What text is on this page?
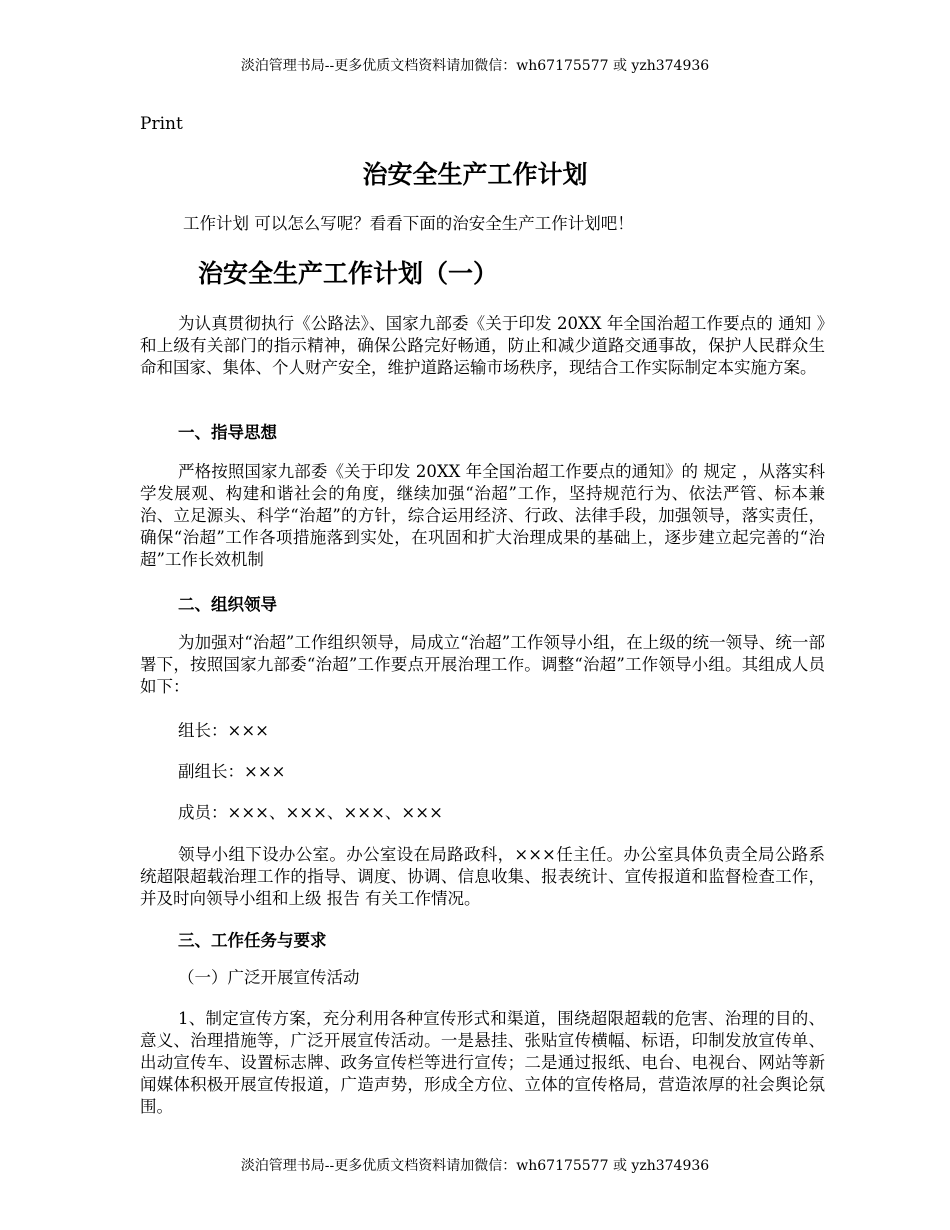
淡泊管理书局--更多优质文档资料请加微信：wh67175577 或 yzh374936
Print
治安全生产工作计划
工作计划 可以怎么写呢？看看下面的治安全生产工作计划吧！
治安全生产工作计划（一）

为认真贯彻执行《公路法》、国家九部委《关于印发 20XX 年全国治超工作要点的 通知 》和上级有关部门的指示精神，确保公路完好畅通，防止和减少道路交通事故，保护人民群众生命和国家、集体、个人财产安全，维护道路运输市场秩序，现结合工作实际制定本实施方案。

一、指导思想

严格按照国家九部委《关于印发 20XX 年全国治超工作要点的通知》的 规定 ，从落实科学发展观、构建和谐社会的角度，继续加强“治超”工作，坚持规范行为、依法严管、标本兼治、立足源头、科学“治超”的方针，综合运用经济、行政、法律手段，加强领导，落实责任，确保“治超”工作各项措施落到实处，在巩固和扩大治理成果的基础上，逐步建立起完善的“治超”工作长效机制

二、组织领导

为加强对“治超”工作组织领导，局成立“治超”工作领导小组，在上级的统一领导、统一部署下，按照国家九部委“治超”工作要点开展治理工作。调整“治超”工作领导小组。其组成人员如下：

组长：×××
副组长：×××
成员：×××、×××、×××、×××

领导小组下设办公室。办公室设在局路政科，×××任主任。办公室具体负责全局公路系统超限超载治理工作的指导、调度、协调、信息收集、报表统计、宣传报道和监督检查工作，并及时向领导小组和上级 报告 有关工作情况。

三、工作任务与要求
（一）广泛开展宣传活动

1、制定宣传方案，充分利用各种宣传形式和渠道，围绕超限超载的危害、治理的目的、意义、治理措施等，广泛开展宣传活动。一是悬挂、张贴宣传横幅、标语，印制发放宣传单、出动宣传车、设置标志牌、政务宣传栏等进行宣传；二是通过报纸、电台、电视台、网站等新闻媒体积极开展宣传报道，广造声势，形成全方位、立体的宣传格局，营造浓厚的社会舆论氛围。

淡泊管理书局--更多优质文档资料请加微信：wh67175577 或 yzh374936
